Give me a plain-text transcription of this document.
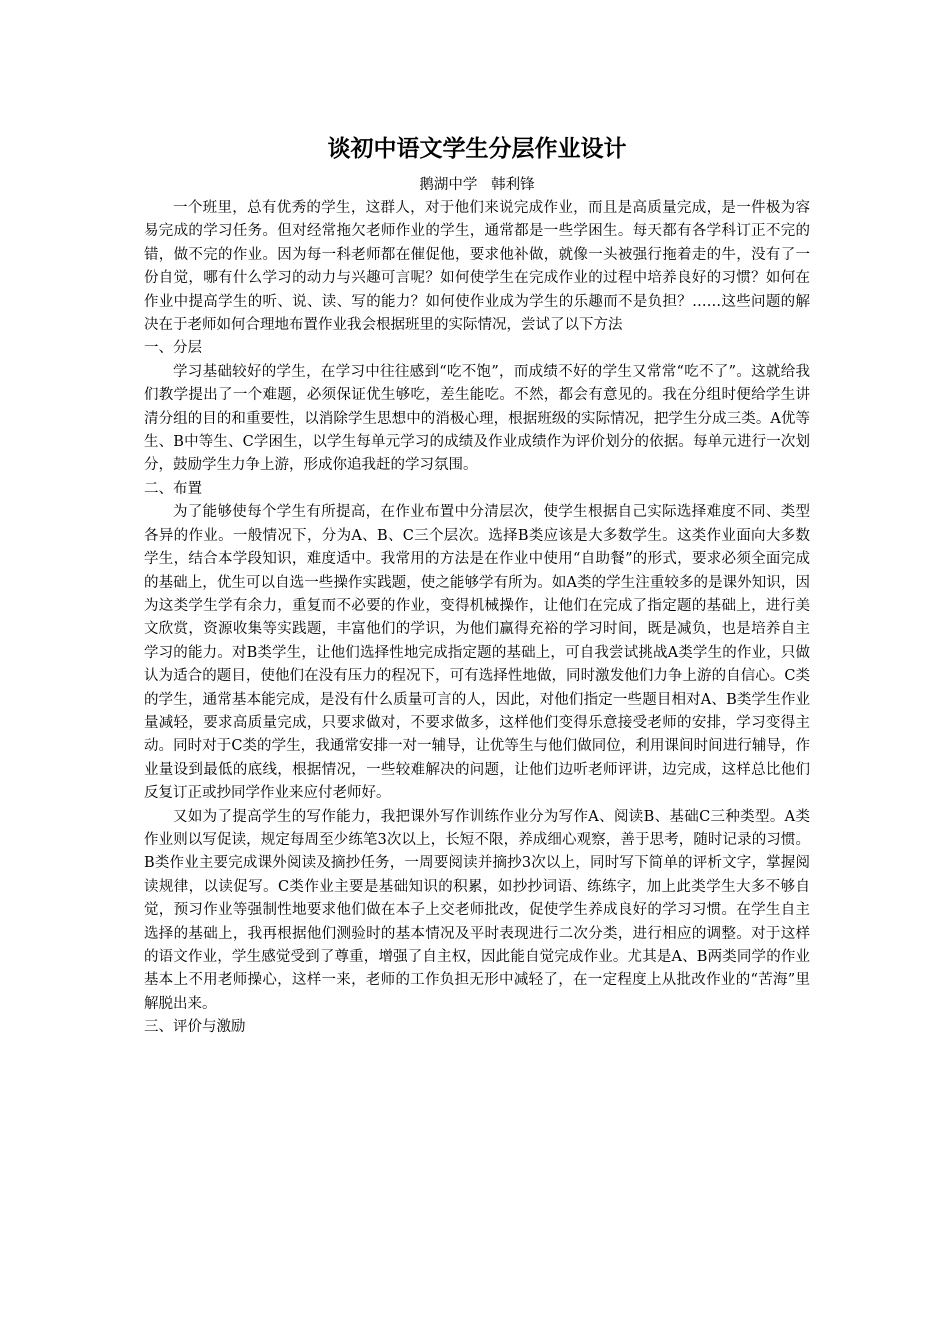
谈初中语文学生分层作业设计

鹅湖中学   韩利锋

一个班里，总有优秀的学生，这群人，对于他们来说完成作业，而且是高质量完成，是一件极为容易完成的学习任务。但对经常拖欠老师作业的学生，通常都是一些学困生。每天都有各学科订正不完的错，做不完的作业。因为每一科老师都在催促他，要求他补做，就像一头被强行拖着走的牛，没有了一份自觉，哪有什么学习的动力与兴趣可言呢？如何使学生在完成作业的过程中培养良好的习惯？如何在作业中提高学生的听、说、读、写的能力？如何使作业成为学生的乐趣而不是负担？……这些问题的解决在于老师如何合理地布置作业我会根据班里的实际情况，尝试了以下方法

一、分层

学习基础较好的学生，在学习中往往感到“吃不饱”，而成绩不好的学生又常常“吃不了”。这就给我们教学提出了一个难题，必须保证优生够吃，差生能吃。不然，都会有意见的。我在分组时便给学生讲清分组的目的和重要性，以消除学生思想中的消极心理，根据班级的实际情况，把学生分成三类。A优等生、B中等生、C学困生，以学生每单元学习的成绩及作业成绩作为评价划分的依据。每单元进行一次划分，鼓励学生力争上游，形成你追我赶的学习氛围。

二、布置

为了能够使每个学生有所提高，在作业布置中分清层次，使学生根据自己实际选择难度不同、类型各异的作业。一般情况下，分为A、B、C三个层次。选择B类应该是大多数学生。这类作业面向大多数学生，结合本学段知识，难度适中。我常用的方法是在作业中使用“自助餐”的形式，要求必须全面完成的基础上，优生可以自选一些操作实践题，使之能够学有所为。如A类的学生注重较多的是课外知识，因为这类学生学有余力，重复而不必要的作业，变得机械操作，让他们在完成了指定题的基础上，进行美文欣赏，资源收集等实践题，丰富他们的学识，为他们赢得充裕的学习时间，既是减负，也是培养自主学习的能力。对B类学生，让他们选择性地完成指定题的基础上，可自我尝试挑战A类学生的作业，只做认为适合的题目，使他们在没有压力的程况下，可有选择性地做，同时激发他们力争上游的自信心。C类的学生，通常基本能完成，是没有什么质量可言的人，因此，对他们指定一些题目相对A、B类学生作业量减轻，要求高质量完成，只要求做对，不要求做多，这样他们变得乐意接受老师的安排，学习变得主动。同时对于C类的学生，我通常安排一对一辅导，让优等生与他们做同位，利用课间时间进行辅导，作业量设到最低的底线，根据情况，一些较难解决的问题，让他们边听老师评讲，边完成，这样总比他们反复订正或抄同学作业来应付老师好。

又如为了提高学生的写作能力，我把课外写作训练作业分为写作A、阅读B、基础C三种类型。A类作业则以写促读，规定每周至少练笔3次以上，长短不限，养成细心观察，善于思考，随时记录的习惯。B类作业主要完成课外阅读及摘抄任务，一周要阅读并摘抄3次以上，同时写下简单的评析文字，掌握阅读规律，以读促写。C类作业主要是基础知识的积累，如抄抄词语、练练字，加上此类学生大多不够自觉，预习作业等强制性地要求他们做在本子上交老师批改，促使学生养成良好的学习习惯。在学生自主选择的基础上，我再根据他们测验时的基本情况及平时表现进行二次分类，进行相应的调整。对于这样的语文作业，学生感觉受到了尊重，增强了自主权，因此能自觉完成作业。尤其是A、B两类同学的作业基本上不用老师操心，这样一来，老师的工作负担无形中减轻了，在一定程度上从批改作业的“苦海”里解脱出来。

三、评价与激励
